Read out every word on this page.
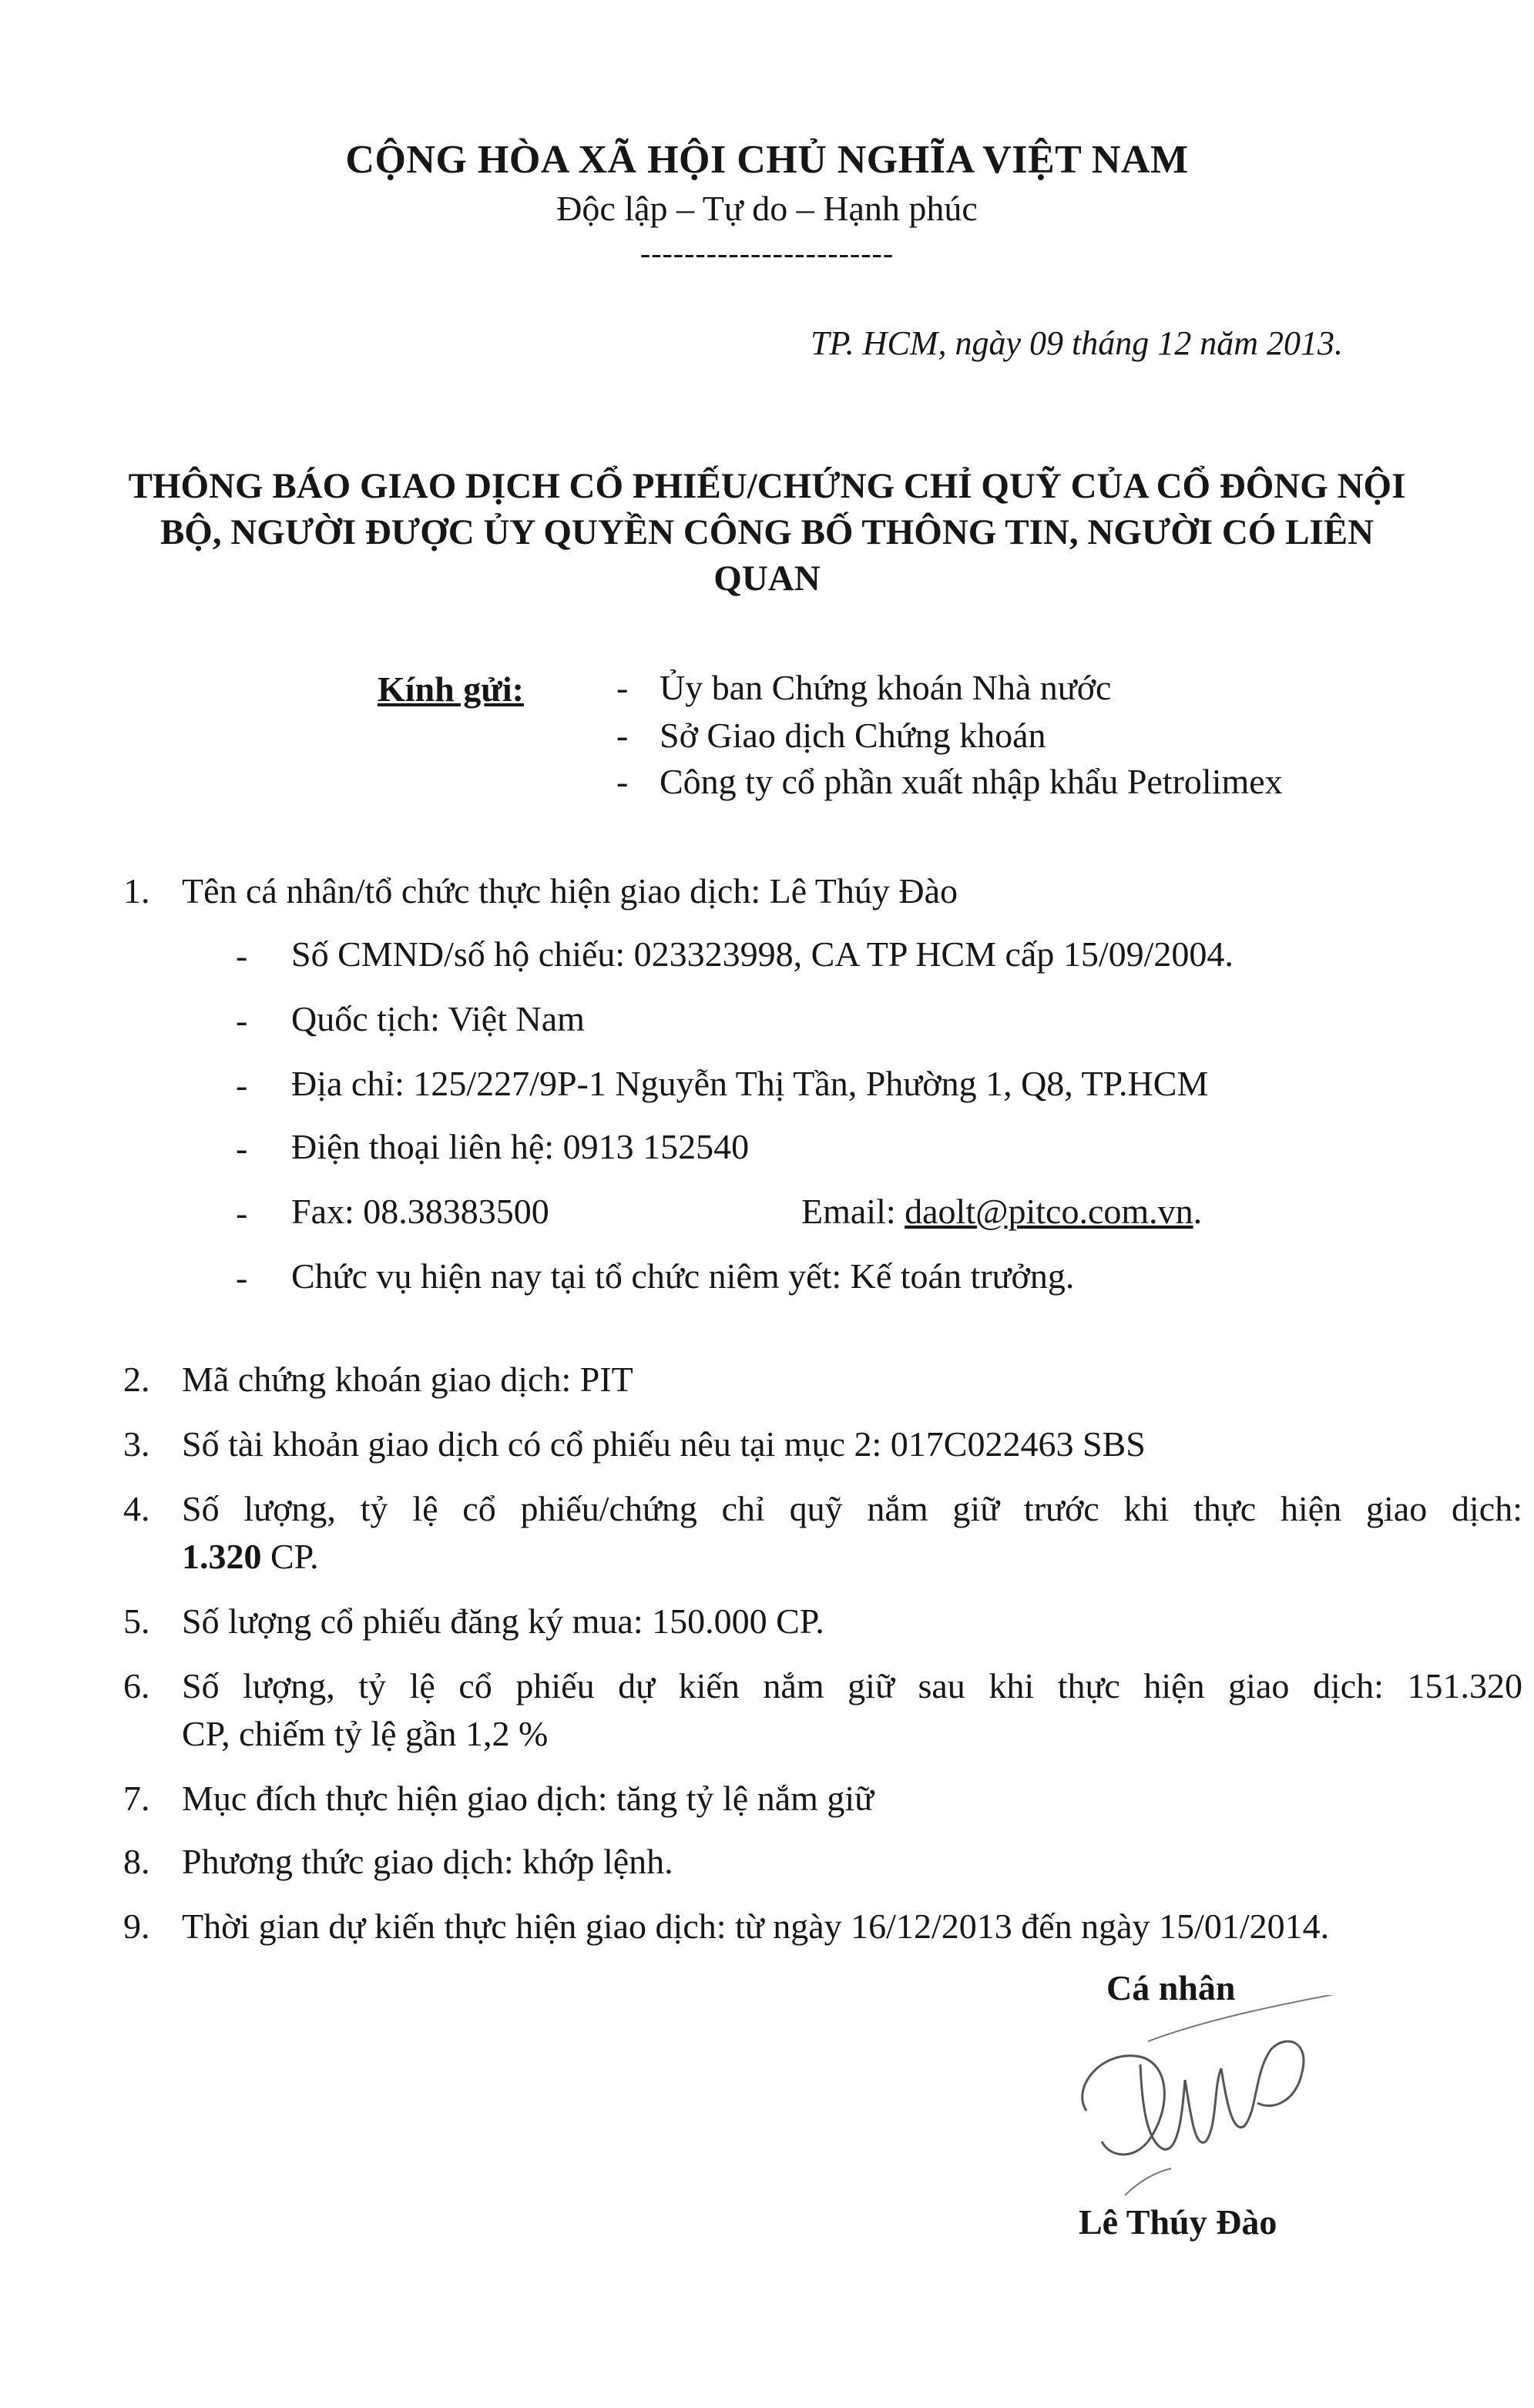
CỘNG HÒA XÃ HỘI CHỦ NGHĨA VIỆT NAM
Độc lập – Tự do – Hạnh phúc
-----------------------
TP. HCM, ngày 09 tháng 12 năm 2013.
THÔNG BÁO GIAO DỊCH CỔ PHIẾU/CHỨNG CHỈ QUỸ CỦA CỔ ĐÔNG NỘI
BỘ, NGƯỜI ĐƯỢC ỦY QUYỀN CÔNG BỐ THÔNG TIN, NGƯỜI CÓ LIÊN
QUAN
Kính gửi:	- Ủy ban Chứng khoán Nhà nước
- Sở Giao dịch Chứng khoán
- Công ty cổ phần xuất nhập khẩu Petrolimex
1. Tên cá nhân/tổ chức thực hiện giao dịch: Lê Thúy Đào
- Số CMND/số hộ chiếu: 023323998, CA TP HCM cấp 15/09/2004.
- Quốc tịch: Việt Nam
- Địa chỉ: 125/227/9P-1 Nguyễn Thị Tần, Phường 1, Q8, TP.HCM
- Điện thoại liên hệ: 0913 152540
- Fax: 08.38383500	Email: daolt@pitco.com.vn.
- Chức vụ hiện nay tại tổ chức niêm yết: Kế toán trưởng.
2. Mã chứng khoán giao dịch: PIT
3. Số tài khoản giao dịch có cổ phiếu nêu tại mục 2: 017C022463 SBS
4. Số lượng, tỷ lệ cổ phiếu/chứng chỉ quỹ nắm giữ trước khi thực hiện giao dịch:
1.320 CP.
5. Số lượng cổ phiếu đăng ký mua: 150.000 CP.
6. Số lượng, tỷ lệ cổ phiếu dự kiến nắm giữ sau khi thực hiện giao dịch: 151.320
CP, chiếm tỷ lệ gần 1,2 %
7. Mục đích thực hiện giao dịch: tăng tỷ lệ nắm giữ
8. Phương thức giao dịch: khớp lệnh.
9. Thời gian dự kiến thực hiện giao dịch: từ ngày 16/12/2013 đến ngày 15/01/2014.
Cá nhân
Lê Thúy Đào
